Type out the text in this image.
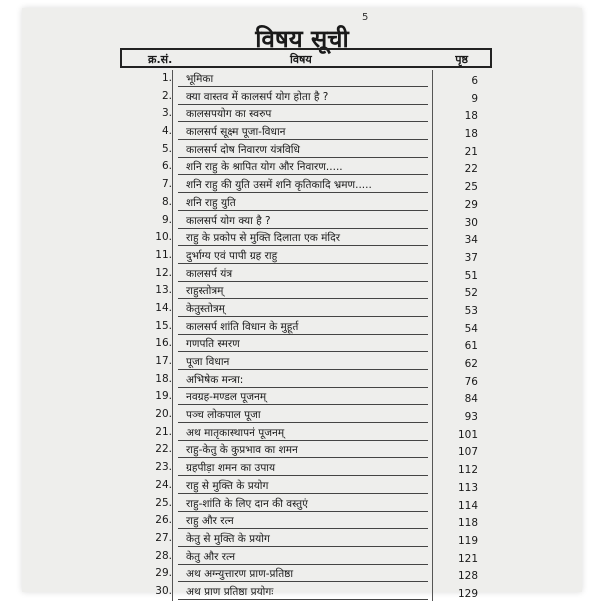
5
विषय सूची
क्र.सं.	विषय	पृष्ठ
1. भूमिका	6
2. क्या वास्तव में कालसर्प योग होता है ?	9
3. कालसपयोग का स्वरुप	18
4. कालसर्प सूक्ष्म पूजा-विधान	18
5. कालसर्प दोष निवारण यंत्रविधि	21
6. शनि राहु के श्रापित योग और निवारण.....	22
7. शनि राहु की युति उसमें शनि कृतिकादि भ्रमण.....	25
8. शनि राहु युति	29
9. कालसर्प योग क्या है ?	30
10. राहु के प्रकोप से मुक्ति दिलाता एक मंदिर	34
11. दुर्भाग्य एवं पापी ग्रह राहु	37
12. कालसर्प यंत्र	51
13. राहुस्तोत्रम्	52
14. केतुस्तोत्रम्	53
15. कालसर्प शांति विधान के मुहूर्त	54
16. गणपति स्मरण	61
17. पूजा विधान	62
18. अभिषेक मन्त्रा:	76
19. नवग्रह-मण्डल पूजनम्	84
20. पञ्च लोकपाल पूजा	93
21. अथ मातृकास्थापनं पूजनम्	101
22. राहु-केतु के कुप्रभाव का शमन	107
23. ग्रहपीड़ा शमन का उपाय	112
24. राहु से मुक्ति के प्रयोग	113
25. राहु-शांति के लिए दान की वस्तुएं	114
26. राहु और रत्न	118
27. केतु से मुक्ति के प्रयोग	119
28. केतु और रत्न	121
29. अथ अग्न्युत्तारण प्राण-प्रतिष्ठा	128
30. अथ प्राण प्रतिष्ठा प्रयोगः	129
